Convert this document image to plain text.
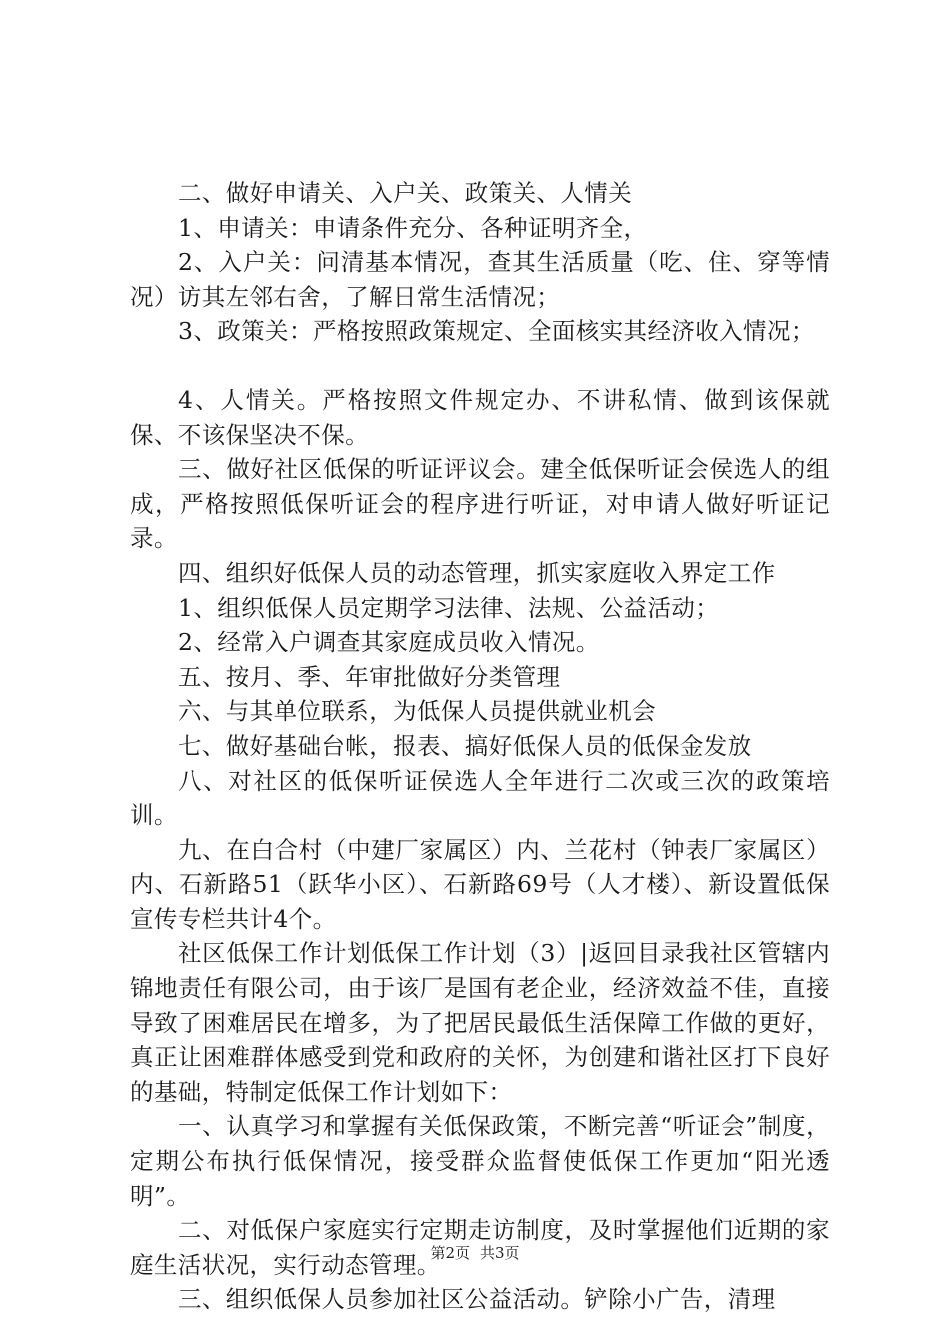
二、做好申请关、入户关、政策关、人情关

1、申请关：申请条件充分、各种证明齐全，

2、入户关：问清基本情况，查其生活质量（吃、住、穿等情况）访其左邻右舍，了解日常生活情况；

3、政策关：严格按照政策规定、全面核实其经济收入情况；

4、人情关。严格按照文件规定办、不讲私情、做到该保就保、不该保坚决不保。

三、做好社区低保的听证评议会。建全低保听证会侯选人的组成，严格按照低保听证会的程序进行听证，对申请人做好听证记录。

四、组织好低保人员的动态管理，抓实家庭收入界定工作

1、组织低保人员定期学习法律、法规、公益活动；

2、经常入户调查其家庭成员收入情况。

五、按月、季、年审批做好分类管理

六、与其单位联系，为低保人员提供就业机会

七、做好基础台帐，报表、搞好低保人员的低保金发放

八、对社区的低保听证侯选人全年进行二次或三次的政策培训。

九、在白合村（中建厂家属区）内、兰花村（钟表厂家属区）内、石新路51（跃华小区）、石新路69号（人才楼）、新设置低保宣传专栏共计4个。

社区低保工作计划低保工作计划（3）|返回目录我社区管辖内锦地责任有限公司，由于该厂是国有老企业，经济效益不佳，直接导致了困难居民在增多，为了把居民最低生活保障工作做的更好，真正让困难群体感受到党和政府的关怀，为创建和谐社区打下良好的基础，特制定低保工作计划如下：

一、认真学习和掌握有关低保政策，不断完善“听证会”制度，定期公布执行低保情况，接受群众监督使低保工作更加“阳光透明”。

二、对低保户家庭实行定期走访制度，及时掌握他们近期的家庭生活状况，实行动态管理。

三、组织低保人员参加社区公益活动。铲除小广告，清理

第2页 共3页
